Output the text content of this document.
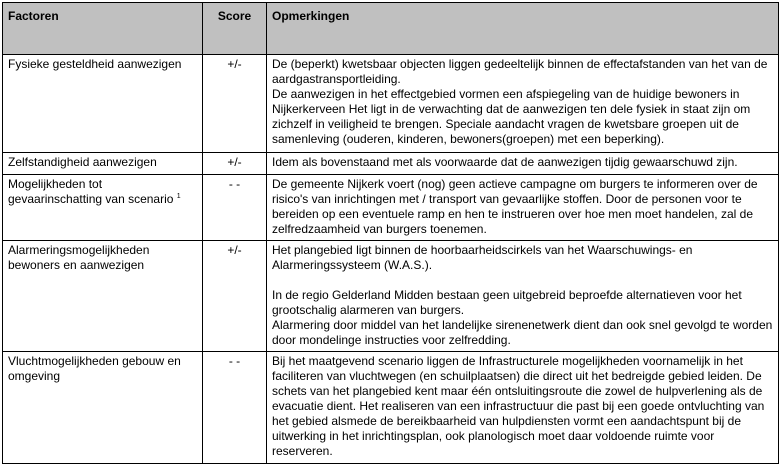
Factoren	Score	Opmerkingen
Fysieke gesteldheid aanwezigen	+/-	De (beperkt) kwetsbaar objecten liggen gedeeltelijk binnen de effectafstanden van het van de aardgastransportleiding.

De aanwezigen in het effectgebied vormen een afspiegeling van de huidige bewoners in Nijkerkerveen Het ligt in de verwachting dat de aanwezigen ten dele fysiek in staat zijn om zichzelf in veiligheid te brengen. Speciale aandacht vragen de kwetsbare groepen uit de samenleving (ouderen, kinderen, bewoners(groepen) met een beperking).

Zelfstandigheid aanwezigen	+/-	Idem als bovenstaand met als voorwaarde dat de aanwezigen tijdig gewaarschuwd zijn.

Mogelijkheden tot gevaarinschatting van scenario $^1$	- -	De gemeente Nijkerk voert (nog) geen actieve campagne om burgers te informeren over de risico's van inrichtingen met / transport van gevaarlijke stoffen. Door de personen voor te bereiden op een eventuele ramp en hen te instrueren over hoe men moet handelen, zal de zelfredzaamheid van burgers toenemen.

Alarmeringsmogelijkheden bewoners en aanwezigen	+/-	Het plangebied ligt binnen de hoorbaarheidscirkels van het Waarschuwings- en Alarmeringssysteem (W.A.S.).

In de regio Gelderland Midden bestaan geen uitgebreid beproefde alternatieven voor het grootschalig alarmeren van burgers.

Alarmering door middel van het landelijke sirenenetwerk dient dan ook snel gevolgd te worden door mondelinge instructies voor zelfredding.

Vluchtmogelijkheden gebouw en omgeving	- -	Bij het maatgevend scenario liggen de Infrastructurele mogelijkheden voornamelijk in het faciliteren van vluchtwegen (en schuilplaatsen) die direct uit het bedreigde gebied leiden. De schets van het plangebied kent maar één ontsluitingsroute die zowel de hulpverlening als de evacuatie dient. Het realiseren van een infrastructuur die past bij een goede ontvluchting van het gebied alsmede de bereikbaarheid van hulpdiensten vormt een aandachtspunt bij de uitwerking in het inrichtingsplan, ook planologisch moet daar voldoende ruimte voor reserveren.
